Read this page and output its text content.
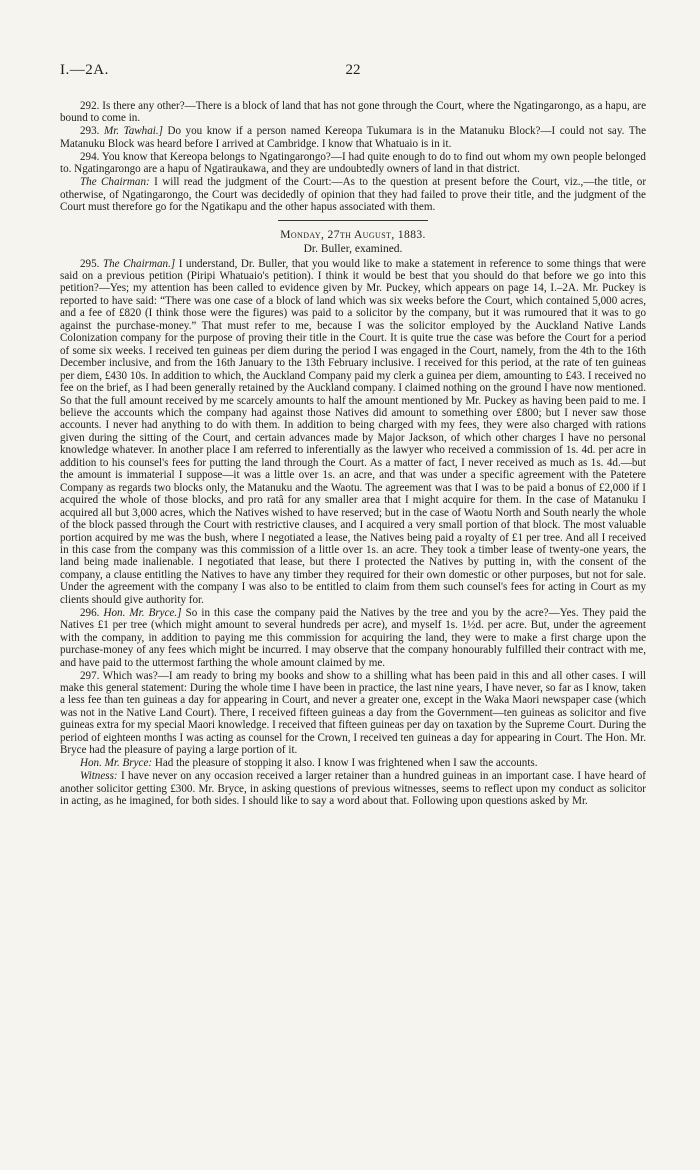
I.—2A.	22

292. Is there any other?—There is a block of land that has not gone through the Court, where the Ngatingarongo, as a hapu, are bound to come in.

293. Mr. Tawhai.] Do you know if a person named Kereopa Tukumara is in the Matanuku Block?—I could not say. The Matanuku Block was heard before I arrived at Cambridge. I know that Whatuaio is in it.

294. You know that Kereopa belongs to Ngatingarongo?—I had quite enough to do to find out whom my own people belonged to. Ngatingarongo are a hapu of Ngatiraukawa, and they are undoubtedly owners of land in that district.

The Chairman: I will read the judgment of the Court:—As to the question at present before the Court, viz.,—the title, or otherwise, of Ngatingarongo, the Court was decidedly of opinion that they had failed to prove their title, and the judgment of the Court must therefore go for the Ngatikapu and the other hapus associated with them.

Monday, 27th August, 1883.
Dr. Buller, examined.

295. The Chairman.] I understand, Dr. Buller, that you would like to make a statement in reference to some things that were said on a previous petition (Piripi Whatuaio's petition). I think it would be best that you should do that before we go into this petition?—Yes; my attention has been called to evidence given by Mr. Puckey, which appears on page 14, I.–2A. Mr. Puckey is reported to have said: “There was one case of a block of land which was six weeks before the Court, which contained 5,000 acres, and a fee of £820 (I think those were the figures) was paid to a solicitor by the company, but it was rumoured that it was to go against the purchase-money.” That must refer to me, because I was the solicitor employed by the Auckland Native Lands Colonization company for the purpose of proving their title in the Court. It is quite true the case was before the Court for a period of some six weeks. I received ten guineas per diem during the period I was engaged in the Court, namely, from the 4th to the 16th December inclusive, and from the 16th January to the 13th February inclusive. I received for this period, at the rate of ten guineas per diem, £430 10s. In addition to which, the Auckland Company paid my clerk a guinea per diem, amounting to £43. I received no fee on the brief, as I had been generally retained by the Auckland company. I claimed nothing on the ground I have now mentioned. So that the full amount received by me scarcely amounts to half the amount mentioned by Mr. Puckey as having been paid to me. I believe the accounts which the company had against those Natives did amount to something over £800; but I never saw those accounts. I never had anything to do with them. In addition to being charged with my fees, they were also charged with rations given during the sitting of the Court, and certain advances made by Major Jackson, of which other charges I have no personal knowledge whatever. In another place I am referred to inferentially as the lawyer who received a commission of 1s. 4d. per acre in addition to his counsel's fees for putting the land through the Court. As a matter of fact, I never received as much as 1s. 4d.—but the amount is immaterial I suppose—it was a little over 1s. an acre, and that was under a specific agreement with the Patetere Company as regards two blocks only, the Matanuku and the Waotu. The agreement was that I was to be paid a bonus of £2,000 if I acquired the whole of those blocks, and pro ratâ for any smaller area that I might acquire for them. In the case of Matanuku I acquired all but 3,000 acres, which the Natives wished to have reserved; but in the case of Waotu North and South nearly the whole of the block passed through the Court with restrictive clauses, and I acquired a very small portion of that block. The most valuable portion acquired by me was the bush, where I negotiated a lease, the Natives being paid a royalty of £1 per tree. And all I received in this case from the company was this commission of a little over 1s. an acre. They took a timber lease of twenty-one years, the land being made inalienable. I negotiated that lease, but there I protected the Natives by putting in, with the consent of the company, a clause entitling the Natives to have any timber they required for their own domestic or other purposes, but not for sale. Under the agreement with the company I was also to be entitled to claim from them such counsel's fees for acting in Court as my clients should give authority for.

296. Hon. Mr. Bryce.] So in this case the company paid the Natives by the tree and you by the acre?—Yes. They paid the Natives £1 per tree (which might amount to several hundreds per acre), and myself 1s. 1½d. per acre. But, under the agreement with the company, in addition to paying me this commission for acquiring the land, they were to make a first charge upon the purchase-money of any fees which might be incurred. I may observe that the company honourably fulfilled their contract with me, and have paid to the uttermost farthing the whole amount claimed by me.

297. Which was?—I am ready to bring my books and show to a shilling what has been paid in this and all other cases. I will make this general statement: During the whole time I have been in practice, the last nine years, I have never, so far as I know, taken a less fee than ten guineas a day for appearing in Court, and never a greater one, except in the Waka Maori newspaper case (which was not in the Native Land Court). There, I received fifteen guineas a day from the Government—ten guineas as solicitor and five guineas extra for my special Maori knowledge. I received that fifteen guineas per day on taxation by the Supreme Court. During the period of eighteen months I was acting as counsel for the Crown, I received ten guineas a day for appearing in Court. The Hon. Mr. Bryce had the pleasure of paying a large portion of it.

Hon. Mr. Bryce: Had the pleasure of stopping it also. I know I was frightened when I saw the accounts.

Witness: I have never on any occasion received a larger retainer than a hundred guineas in an important case. I have heard of another solicitor getting £300. Mr. Bryce, in asking questions of previous witnesses, seems to reflect upon my conduct as solicitor in acting, as he imagined, for both sides. I should like to say a word about that. Following upon questions asked by Mr.
